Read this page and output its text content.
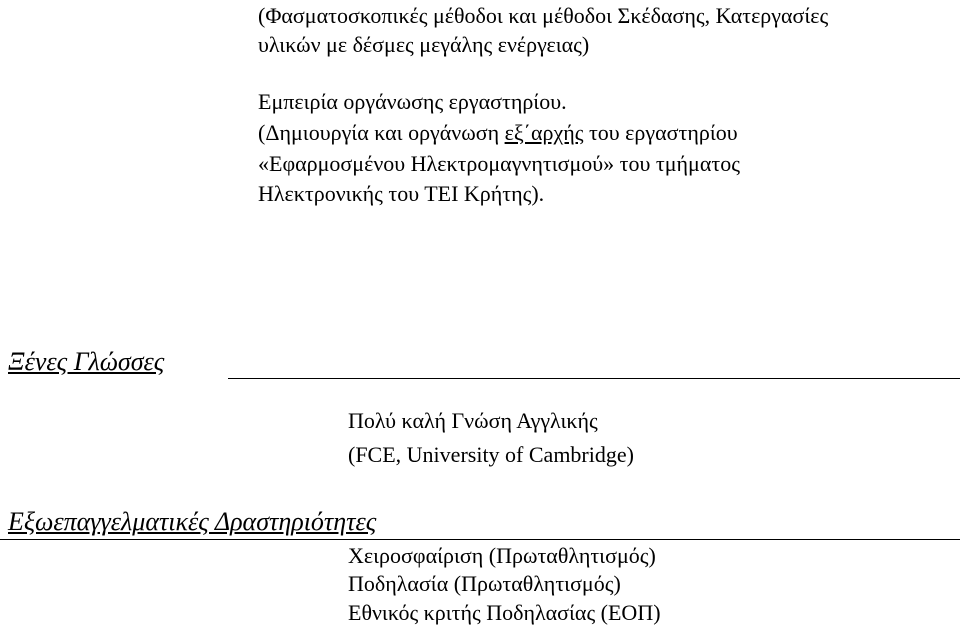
(Φασματοσκοπικές μέθοδοι και μέθοδοι Σκέδασης, Κατεργασίες
υλικών με δέσμες μεγάλης ενέργειας)
Εμπειρία οργάνωσης εργαστηρίου.
(Δημιουργία και οργάνωση εξ΄αρχής του εργαστηρίου
«Εφαρμοσμένου Ηλεκτρομαγνητισμού» του τμήματος
Ηλεκτρονικής του ΤΕΙ Κρήτης).
Ξένες Γλώσσες
Πολύ καλή Γνώση Αγγλικής
(FCE, University of Cambridge)
Εξωεπαγγελματικές Δραστηριότητες
Χειροσφαίριση (Πρωταθλητισμός)
Ποδηλασία (Πρωταθλητισμός)
Εθνικός κριτής Ποδηλασίας (ΕΟΠ)
